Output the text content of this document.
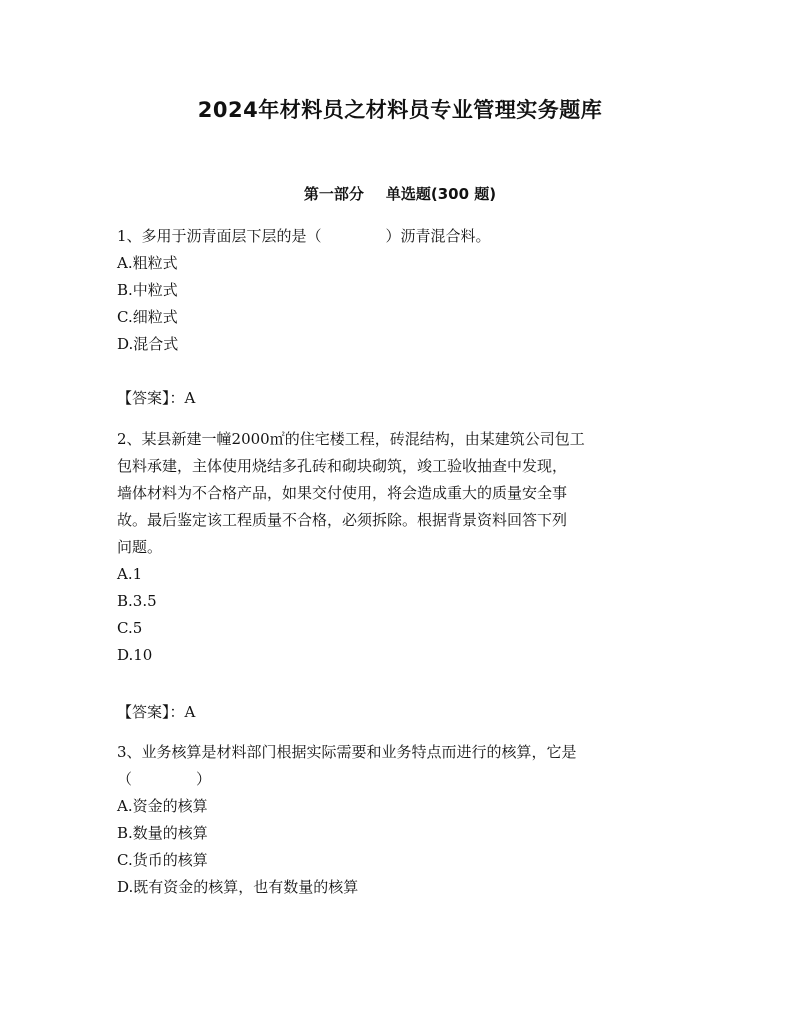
2024年材料员之材料员专业管理实务题库
第一部分 单选题(300 题)

1、多用于沥青面层下层的是（	）沥青混合料。

A.粗粒式

B.中粒式

C.细粒式

D.混合式

【答案】：A

2、某县新建一幢2000㎡的住宅楼工程，砖混结构，由某建筑公司包工

包料承建，主体使用烧结多孔砖和砌块砌筑，竣工验收抽查中发现，

墙体材料为不合格产品，如果交付使用，将会造成重大的质量安全事

故。最后鉴定该工程质量不合格，必须拆除。根据背景资料回答下列

问题。

A.1

B.3.5

C.5

D.10

【答案】：A

3、业务核算是材料部门根据实际需要和业务特点而进行的核算，它是

（	）

A.资金的核算

B.数量的核算

C.货币的核算

D.既有资金的核算，也有数量的核算
